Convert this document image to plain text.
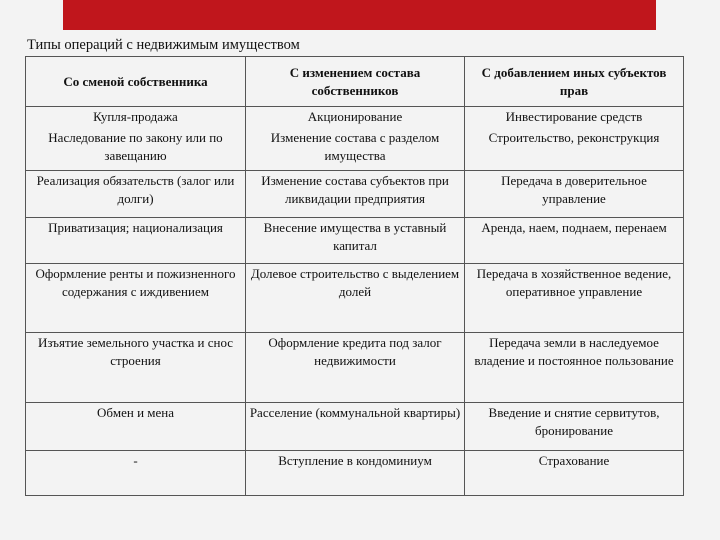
Типы операций с недвижимым имуществом
Со сменой собственника	С изменением состава собственников	С добавлением иных субъектов прав
Купля-продажа	Акционирование	Инвестирование средств
Наследование по закону или по завещанию	Изменение состава с разделом имущества	Строительство, реконструкция
Реализация обязательств (залог или долги)	Изменение состава субъектов при ликвидации предприятия	Передача в доверительное управление
Приватизация; национализация	Внесение имущества в уставный капитал	Аренда, наем, поднаем, перенаем
Оформление ренты и пожизненного содержания с иждивением	Долевое строительство с выделением долей	Передача в хозяйственное ведение, оперативное управление
Изъятие земельного участка и снос строения	Оформление кредита под залог недвижимости	Передача земли в наследуемое владение и постоянное пользование
Обмен и мена	Расселение (коммунальной квартиры)	Введение и снятие сервитутов, бронирование
-	Вступление в кондоминиум	Страхование
